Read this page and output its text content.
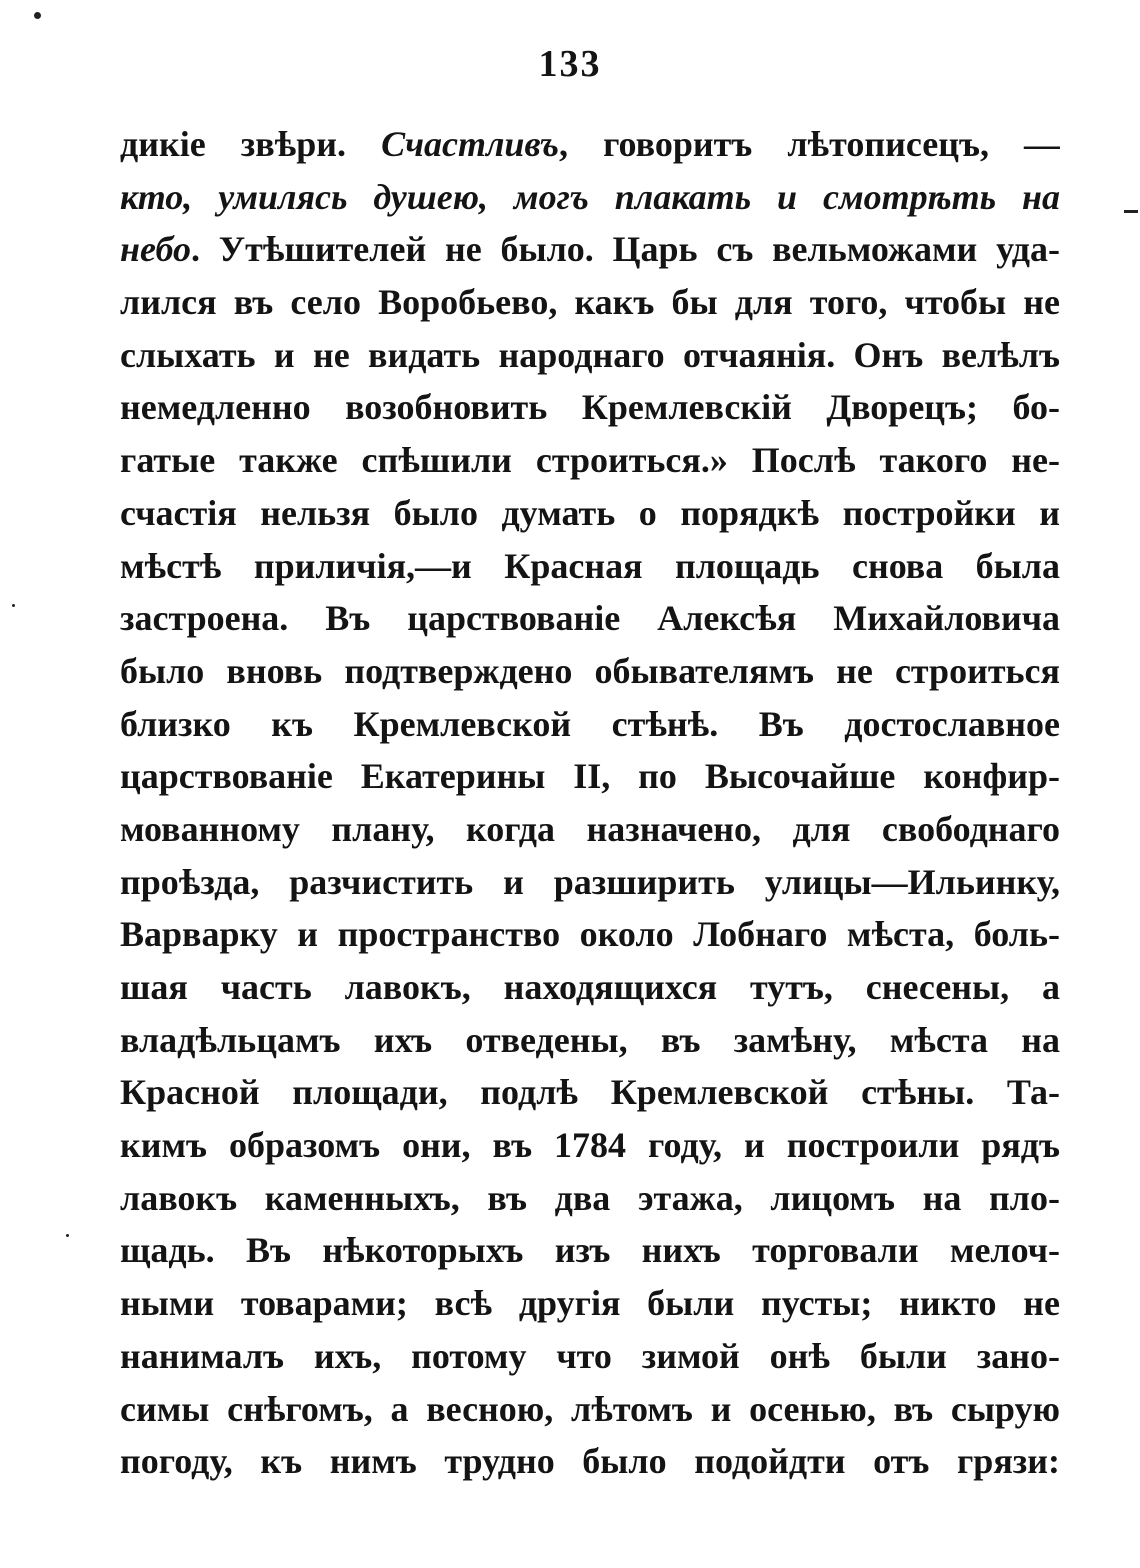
133
дикіе звѣри. Счастливъ, говоритъ лѣтописецъ, —
кто, умилясь душею, могъ плакать и смотрѣть на
небо. Утѣшителей не было. Царь съ вельможами уда-
лился въ село Воробьево, какъ бы для того, чтобы не
слыхать и не видать народнаго отчаянія. Онъ велѣлъ
немедленно возобновить Кремлевскій Дворецъ; бо-
гатые также спѣшили строиться.» Послѣ такого не-
счастія нельзя было думать о порядкѣ постройки и
мѣстѣ приличія,—и Красная площадь снова была
застроена. Въ царствованіе Алексѣя Михайловича
было вновь подтверждено обывателямъ не строиться
близко къ Кремлевской стѣнѣ. Въ достославное
царствованіе Екатерины II, по Высочайше конфир-
мованному плану, когда назначено, для свободнаго
проѣзда, разчистить и разширить улицы—Ильинку,
Варварку и пространство около Лобнаго мѣста, боль-
шая часть лавокъ, находящихся тутъ, снесены, а
владѣльцамъ ихъ отведены, въ замѣну, мѣста на
Красной площади, подлѣ Кремлевской стѣны. Та-
кимъ образомъ они, въ 1784 году, и построили рядъ
лавокъ каменныхъ, въ два этажа, лицомъ на пло-
щадь. Въ нѣкоторыхъ изъ нихъ торговали мелоч-
ными товарами; всѣ другія были пусты; никто не
нанималъ ихъ, потому что зимой онѣ были зано-
симы снѣгомъ, а весною, лѣтомъ и осенью, въ сырую
погоду, къ нимъ трудно было подойдти отъ грязи:
